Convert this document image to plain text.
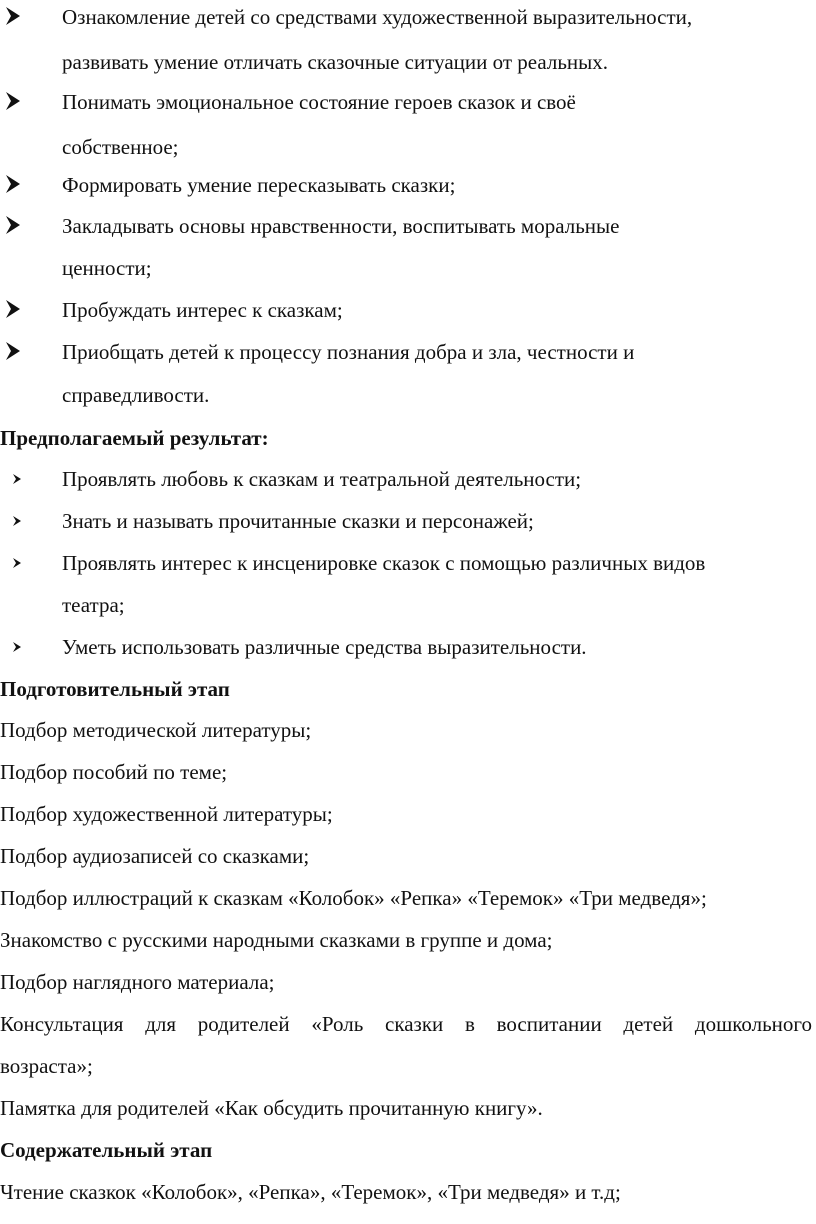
Ознакомление детей со средствами художественной выразительности,
развивать умение отличать сказочные ситуации от реальных.
Понимать эмоциональное состояние героев сказок и своё
собственное;
Формировать умение пересказывать сказки;
Закладывать основы нравственности, воспитывать моральные
ценности;
Пробуждать интерес к сказкам;
Приобщать детей к процессу познания добра и зла, честности и
справедливости.
Предполагаемый результат:
Проявлять любовь к сказкам и театральной деятельности;
Знать и называть прочитанные сказки и персонажей;
Проявлять интерес к инсценировке сказок с помощью различных видов
театра;
Уметь использовать различные средства выразительности.
Подготовительный этап
Подбор методической литературы;
Подбор пособий по теме;
Подбор художественной литературы;
Подбор аудиозаписей со сказками;
Подбор иллюстраций к сказкам «Колобок» «Репка» «Теремок» «Три медведя»;
Знакомство с русскими народными сказками в группе и дома;
Подбор наглядного материала;
Консультация для родителей «Роль сказки в воспитании детей дошкольного
возраста»;
Памятка для родителей «Как обсудить прочитанную книгу».
Содержательный этап
Чтение сказкок «Колобок», «Репка», «Теремок», «Три медведя» и т.д;
